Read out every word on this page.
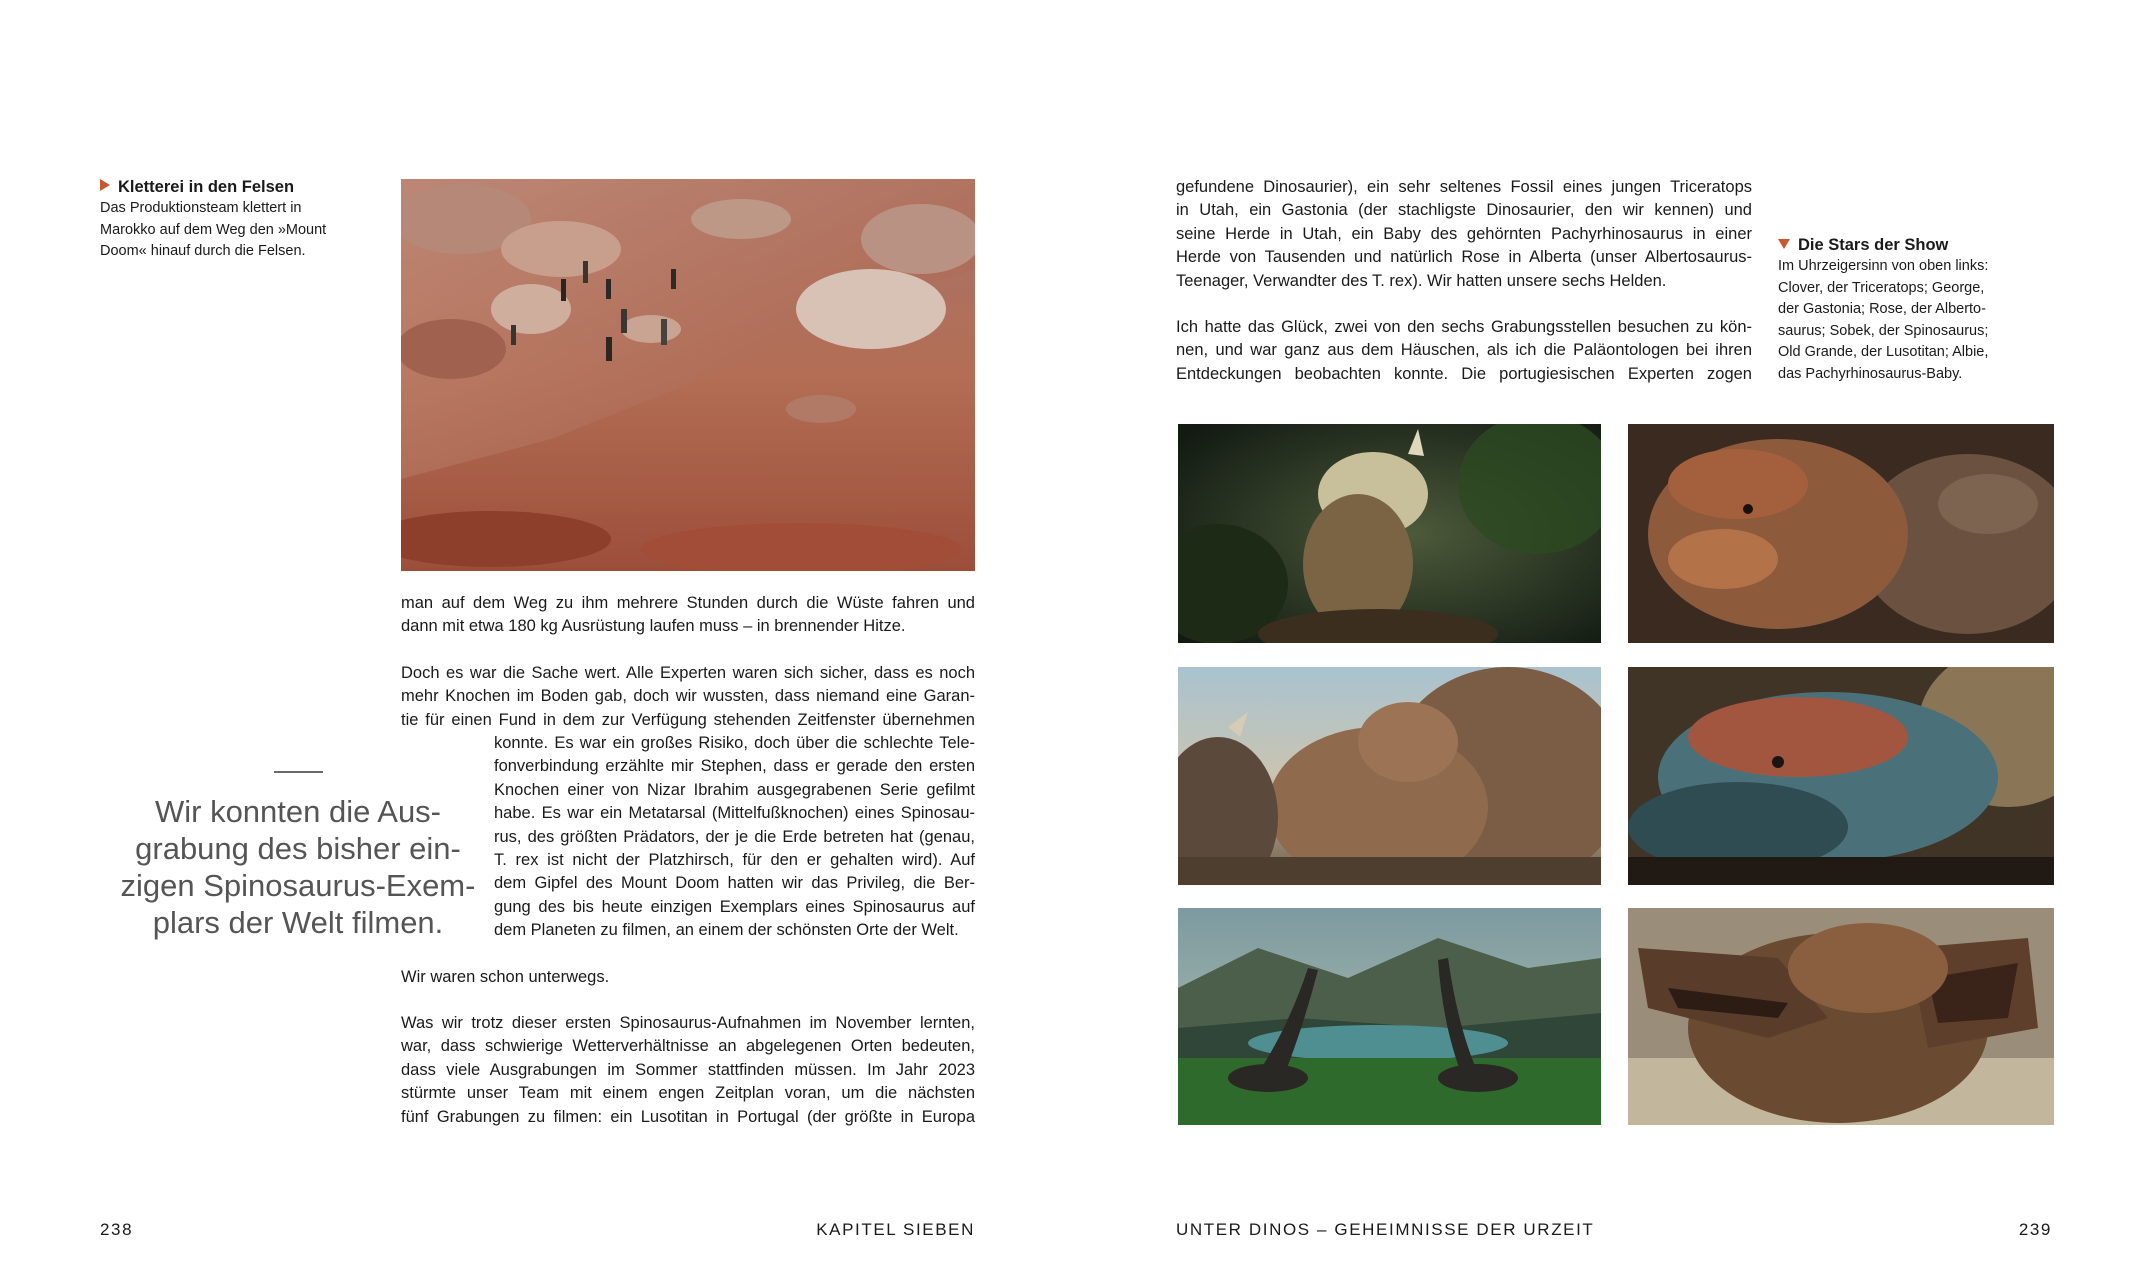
Kletterei in den Felsen
Das Produktionsteam klettert in
Marokko auf dem Weg den »Mount
Doom« hinauf durch die Felsen.
man auf dem Weg zu ihm mehrere Stunden durch die Wüste fahren und
dann mit etwa 180 kg Ausrüstung laufen muss – in brennender Hitze.
Doch es war die Sache wert. Alle Experten waren sich sicher, dass es noch
mehr Knochen im Boden gab, doch wir wussten, dass niemand eine Garan-
tie für einen Fund in dem zur Verfügung stehenden Zeitfenster übernehmen
konnte. Es war ein großes Risiko, doch über die schlechte Tele-
fonverbindung erzählte mir Stephen, dass er gerade den ersten
Knochen einer von Nizar Ibrahim ausgegrabenen Serie gefilmt
habe. Es war ein Metatarsal (Mittelfußknochen) eines Spinosau-
rus, des größten Prädators, der je die Erde betreten hat (genau,
T. rex ist nicht der Platzhirsch, für den er gehalten wird). Auf
dem Gipfel des Mount Doom hatten wir das Privileg, die Ber-
gung des bis heute einzigen Exemplars eines Spinosaurus auf
dem Planeten zu filmen, an einem der schönsten Orte der Welt.
Wir konnten die Aus-
grabung des bisher ein-
zigen Spinosaurus-Exem-
plars der Welt filmen.
Wir waren schon unterwegs.
Was wir trotz dieser ersten Spinosaurus-Aufnahmen im November lernten,
war, dass schwierige Wetterverhältnisse an abgelegenen Orten bedeuten,
dass viele Ausgrabungen im Sommer stattfinden müssen. Im Jahr 2023
stürmte unser Team mit einem engen Zeitplan voran, um die nächsten
fünf Grabungen zu filmen: ein Lusotitan in Portugal (der größte in Europa
238	KAPITEL SIEBEN
gefundene Dinosaurier), ein sehr seltenes Fossil eines jungen Triceratops
in Utah, ein Gastonia (der stachligste Dinosaurier, den wir kennen) und
seine Herde in Utah, ein Baby des gehörnten Pachyrhinosaurus in einer
Herde von Tausenden und natürlich Rose in Alberta (unser Albertosaurus-
Teenager, Verwandter des T. rex). Wir hatten unsere sechs Helden.
Ich hatte das Glück, zwei von den sechs Grabungsstellen besuchen zu kön-
nen, und war ganz aus dem Häuschen, als ich die Paläontologen bei ihren
Entdeckungen beobachten konnte. Die portugiesischen Experten zogen
Die Stars der Show
Im Uhrzeigersinn von oben links:
Clover, der Triceratops; George,
der Gastonia; Rose, der Alberto-
saurus; Sobek, der Spinosaurus;
Old Grande, der Lusotitan; Albie,
das Pachyrhinosaurus-Baby.
UNTER DINOS – GEHEIMNISSE DER URZEIT	239
